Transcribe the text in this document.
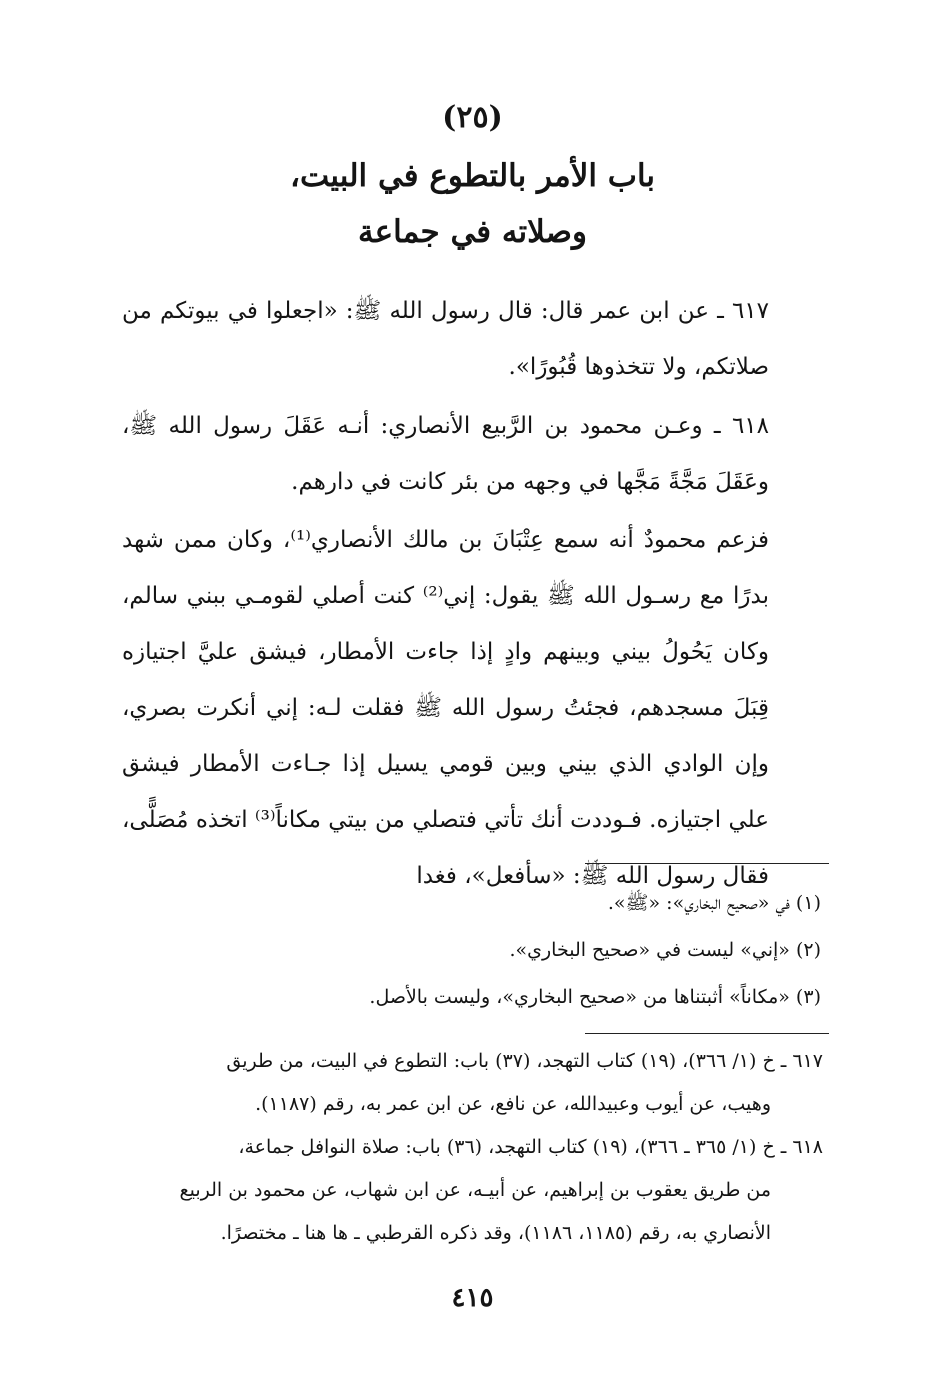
(٢٥)
باب الأمر بالتطوع في البيت،
وصلاته في جماعة

٦١٧ ـ عن ابن عمر قال: قال رسول الله ﷺ: «اجعلوا في بيوتكم من صلاتكم، ولا تتخذوها قُبُورًا».

٦١٨ ـ وعـن محمود بن الرَّبيع الأنصاري: أنـه عَقَلَ رسول الله ﷺ، وعَقَلَ مَجَّةً مَجَّها في وجهه من بئر كانت في دارهم.

فزعم محمودٌ أنه سمع عِتْبَانَ بن مالك الأنصاري⁽¹⁾، وكان ممن شهد بدرًا مع رسـول الله ﷺ يقول: إني⁽²⁾ كنت أصلي لقومـي ببني سالم، وكان يَحُولُ بيني وبينهم وادٍ إذا جاءت الأمطار، فيشق عليَّ اجتيازه قِبَلَ مسجدهم، فجئتُ رسول الله ﷺ فقلت لـه: إني أنكرت بصري، وإن الوادي الذي بيني وبين قومي يسيل إذا جـاءت الأمطار فيشق علي اجتيازه. فـوددت أنك تأتي فتصلي من بيتي مكاناً⁽³⁾ اتخذه مُصَلًّى، فقال رسول الله ﷺ: «سأفعل»، فغدا

(١) في «صحيح البخاري»: «ﷺ».

(٢) «إني» ليست في «صحيح البخاري».

(٣) «مكاناً» أثبتناها من «صحيح البخاري»، وليست بالأصل.

٦١٧ ـ خ (١/ ٣٦٦)، (١٩) كتاب التهجد، (٣٧) باب: التطوع في البيت، من طريق
وهيب، عن أيوب وعبيدالله، عن نافع، عن ابن عمر به، رقم (١١٨٧).

٦١٨ ـ خ (١/ ٣٦٥ ـ ٣٦٦)، (١٩) كتاب التهجد، (٣٦) باب: صلاة النوافل جماعة،
من طريق يعقوب بن إبراهيم، عن أبيـه، عن ابن شهاب، عن محمود بن الربيع الأنصاري به، رقم (١١٨٥، ١١٨٦)، وقد ذكره القرطبي ـ ها هنا ـ مختصرًا.

٤١٥
